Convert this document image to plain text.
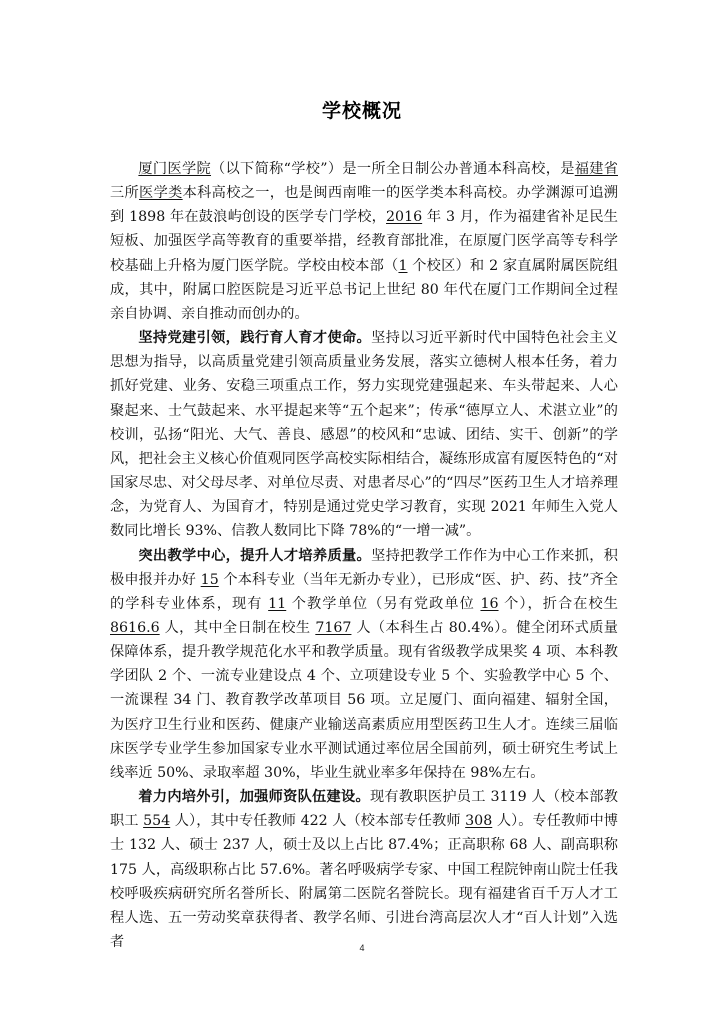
学校概况

厦门医学院（以下简称“学校”）是一所全日制公办普通本科高校，是福建省三所医学类本科高校之一，也是闽西南唯一的医学类本科高校。办学渊源可追溯到 1898 年在鼓浪屿创设的医学专门学校，2016 年 3 月，作为福建省补足民生短板、加强医学高等教育的重要举措，经教育部批准，在原厦门医学高等专科学校基础上升格为厦门医学院。学校由校本部（1 个校区）和 2 家直属附属医院组成，其中，附属口腔医院是习近平总书记上世纪 80 年代在厦门工作期间全过程亲自协调、亲自推动而创办的。

坚持党建引领，践行育人育才使命。坚持以习近平新时代中国特色社会主义思想为指导，以高质量党建引领高质量业务发展，落实立德树人根本任务，着力抓好党建、业务、安稳三项重点工作，努力实现党建强起来、车头带起来、人心聚起来、士气鼓起来、水平提起来等“五个起来”；传承“德厚立人、术湛立业”的校训，弘扬“阳光、大气、善良、感恩”的校风和“忠诚、团结、实干、创新”的学风，把社会主义核心价值观同医学高校实际相结合，凝练形成富有厦医特色的“对国家尽忠、对父母尽孝、对单位尽责、对患者尽心”的“四尽”医药卫生人才培养理念，为党育人、为国育才，特别是通过党史学习教育，实现 2021 年师生入党人数同比增长 93%、信教人数同比下降 78%的“一增一减”。

突出教学中心，提升人才培养质量。坚持把教学工作作为中心工作来抓，积极申报并办好 15 个本科专业（当年无新办专业），已形成“医、护、药、技”齐全的学科专业体系，现有 11 个教学单位（另有党政单位 16 个），折合在校生 8616.6 人，其中全日制在校生 7167 人（本科生占 80.4%）。健全闭环式质量保障体系，提升教学规范化水平和教学质量。现有省级教学成果奖 4 项、本科教学团队 2 个、一流专业建设点 4 个、立项建设专业 5 个、实验教学中心 5 个、一流课程 34 门、教育教学改革项目 56 项。立足厦门、面向福建、辐射全国，为医疗卫生行业和医药、健康产业输送高素质应用型医药卫生人才。连续三届临床医学专业学生参加国家专业水平测试通过率位居全国前列，硕士研究生考试上线率近 50%、录取率超 30%，毕业生就业率多年保持在 98%左右。

着力内培外引，加强师资队伍建设。现有教职医护员工 3119 人（校本部教职工 554 人），其中专任教师 422 人（校本部专任教师 308 人）。专任教师中博士 132 人、硕士 237 人，硕士及以上占比 87.4%；正高职称 68 人、副高职称 175 人，高级职称占比 57.6%。著名呼吸病学专家、中国工程院钟南山院士任我校呼吸疾病研究所名誉所长、附属第二医院名誉院长。现有福建省百千万人才工程人选、五一劳动奖章获得者、教学名师、引进台湾高层次人才“百人计划”入选者	4
